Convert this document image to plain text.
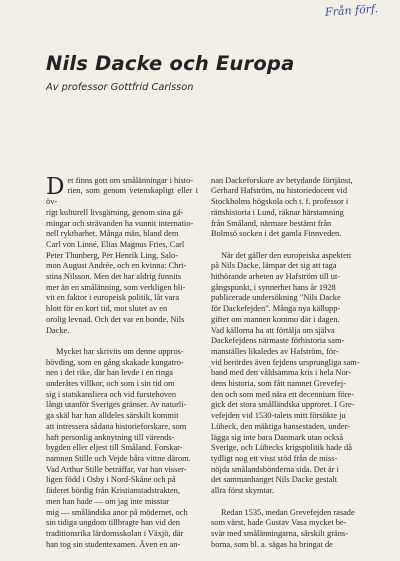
Från förf.
Nils Dacke och Europa

Av professor Gottfrid Carlsson

Det finns gott om smålänningar i histo-
rien, som genom vetenskapligt eller i öv-
rigt kulturell livsgärning, genom sina gä-
rningar och strävanden ha vunnit internatio-
nell ryktbarhet. Många män, bland dem
Carl von Linné, Elias Magnus Fries, Carl
Peter Thunberg, Per Henrik Ling, Salo-
mon August Andrée, och en kvinna: Chri-
stina Nilsson. Men det har aldrig funnits
mer än en smålänning, som verkligen bli-
vit en faktor i europeisk politik, låt vara
blott för en kort tid, mot slutet av en
orolig levnad. Och det var en bonde, Nils
Dacke.

Mycket har skrivits om denne uppros-
bövding, som en gång skakade kungatro-
nen i det rike, där han levde i en ringa
underåtes villkor, och som i sin tid om
sig i statskansliera och vid furstehoven
långt utanför Sveriges gränser. Av naturli-
ga skäl har han alldeles särskilt kommit
att intressera sådana historieforskare, som
haft personlig anknytning till värends-
bygden eller eljest till Småland. Forskar-
namnen Stille och Vejde båra vittne därom.
Vad Arthur Stille beträffar, var han visser-
ligen född i Osby i Nord-Skåne och på
fäderet bördig från Kristianstadstrakten,
men han hade — om jag inte misstar
mig — småländska anor på mödernet, och
sin tidiga ungdom tillbragte han vid den
traditionsrika lärdomsskolan i Växjö, där
han tog sin studentexamen. Även en an-

nan Dackeforskare av betydande förtjänst,
Gerhard Hafström, nu historiedocent vid
Stockholms högskola och t. f. professor i
rättshistoria i Lund, räknar härstamning
från Småland, närmare bestämt från
Bolmsö socken i det gamla Finnveden.

När det gäller den europeiska aspekten
på Nils Dacke, lämpar det sig att taga
hithörande arbeten av Hafström till ut-
gångspunkt, i synnerhet hans år 1928
publicerade undersökning "Nils Dacke
för Dackefejden". Många nya källupp-
gifter om mannen kommo där i dagen.
Vad källorna ha att förtälja om själva
Dackefejdens närmaste förhistoria sam-
manställes likaledes av Hafström, för-
vid berördes även fejdens ursprungliga sam-
band med den våldsamma kris i hela Nor-
dens historia, som fått namnet Grevefej-
den och som med nära ett decennium före-
gick det stora smålländska upproret. I Gre-
vefejden vid 1530-talets mitt försökte ju
Lübeck, den mäktiga hansestaden, under-
lägga sig inte bara Danmark utan också
Sverige, och Lübecks krigspolitik hade då
tydligt nog ett visst stöd från de miss-
nöjda smålandsbönderna sida. Det är i
det sammanhanget Nils Dacke gestalt
allra först skymtar.

Redan 1535, medan Grevefejden rasade
som värst, hade Gustav Vasa mycket be-
svär med smålänningarna, särskilt gräns-
borna, som bl. a. sägas ha bringat de
